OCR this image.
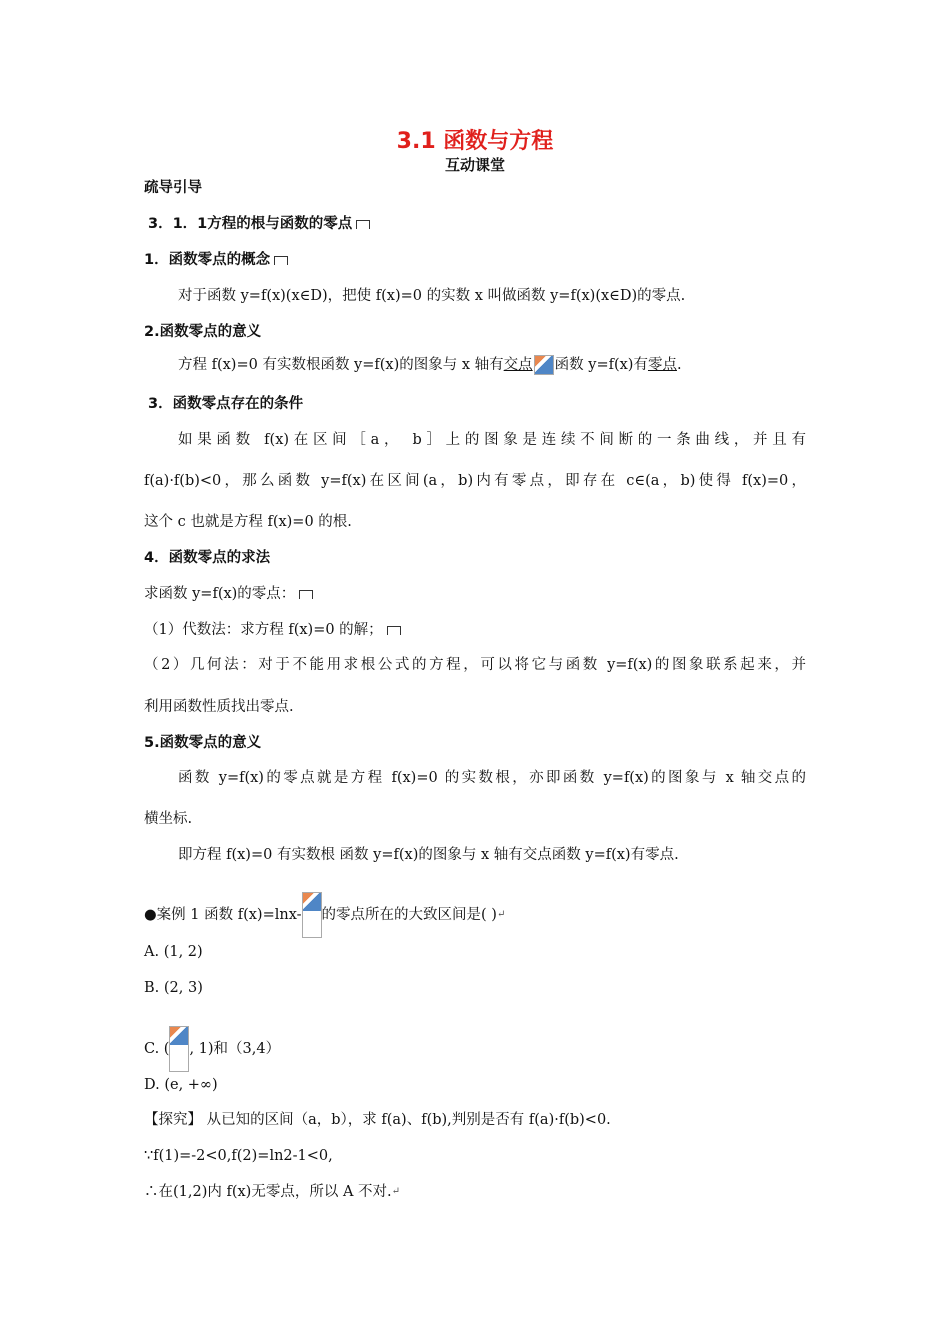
3.1 函数与方程
互动课堂
疏导引导
3．1．1方程的根与函数的零点
1．函数零点的概念
对于函数 y=f(x)(x∈D)，把使 f(x)=0 的实数 x 叫做函数 y=f(x)(x∈D)的零点.
2.函数零点的意义
方程 f(x)=0 有实数根函数 y=f(x)的图象与 x 轴有交点 函数 y=f(x)有零点.
3．函数零点存在的条件
如果函数 f(x)在区间［a， b］上的图象是连续不间断的一条曲线，并且有
f(a)·f(b)<0，那么函数 y=f(x)在区间(a，b)内有零点，即存在 c∈(a，b)使得 f(x)=0，
这个 c 也就是方程 f(x)=0 的根.
4．函数零点的求法
求函数 y=f(x)的零点：
（1）代数法：求方程 f(x)=0 的解；
（2）几何法：对于不能用求根公式的方程，可以将它与函数 y=f(x)的图象联系起来，并
利用函数性质找出零点.
5.函数零点的意义
函数 y=f(x)的零点就是方程 f(x)=0 的实数根，亦即函数 y=f(x)的图象与 x 轴交点的
横坐标.
即方程 f(x)=0 有实数根 函数 y=f(x)的图象与 x 轴有交点函数 y=f(x)有零点.
●案例 1 函数 f(x)=lnx- 的零点所在的大致区间是( )↵
A. (1, 2)
B. (2, 3)
C. ( , 1)和（3,4）
D. (e, +∞)
【探究】 从已知的区间（a，b），求 f(a)、f(b),判别是否有 f(a)·f(b)<0.
∵f(1)=-2<0,f(2)=ln2-1<0,
∴在(1,2)内 f(x)无零点，所以 A 不对.↵
